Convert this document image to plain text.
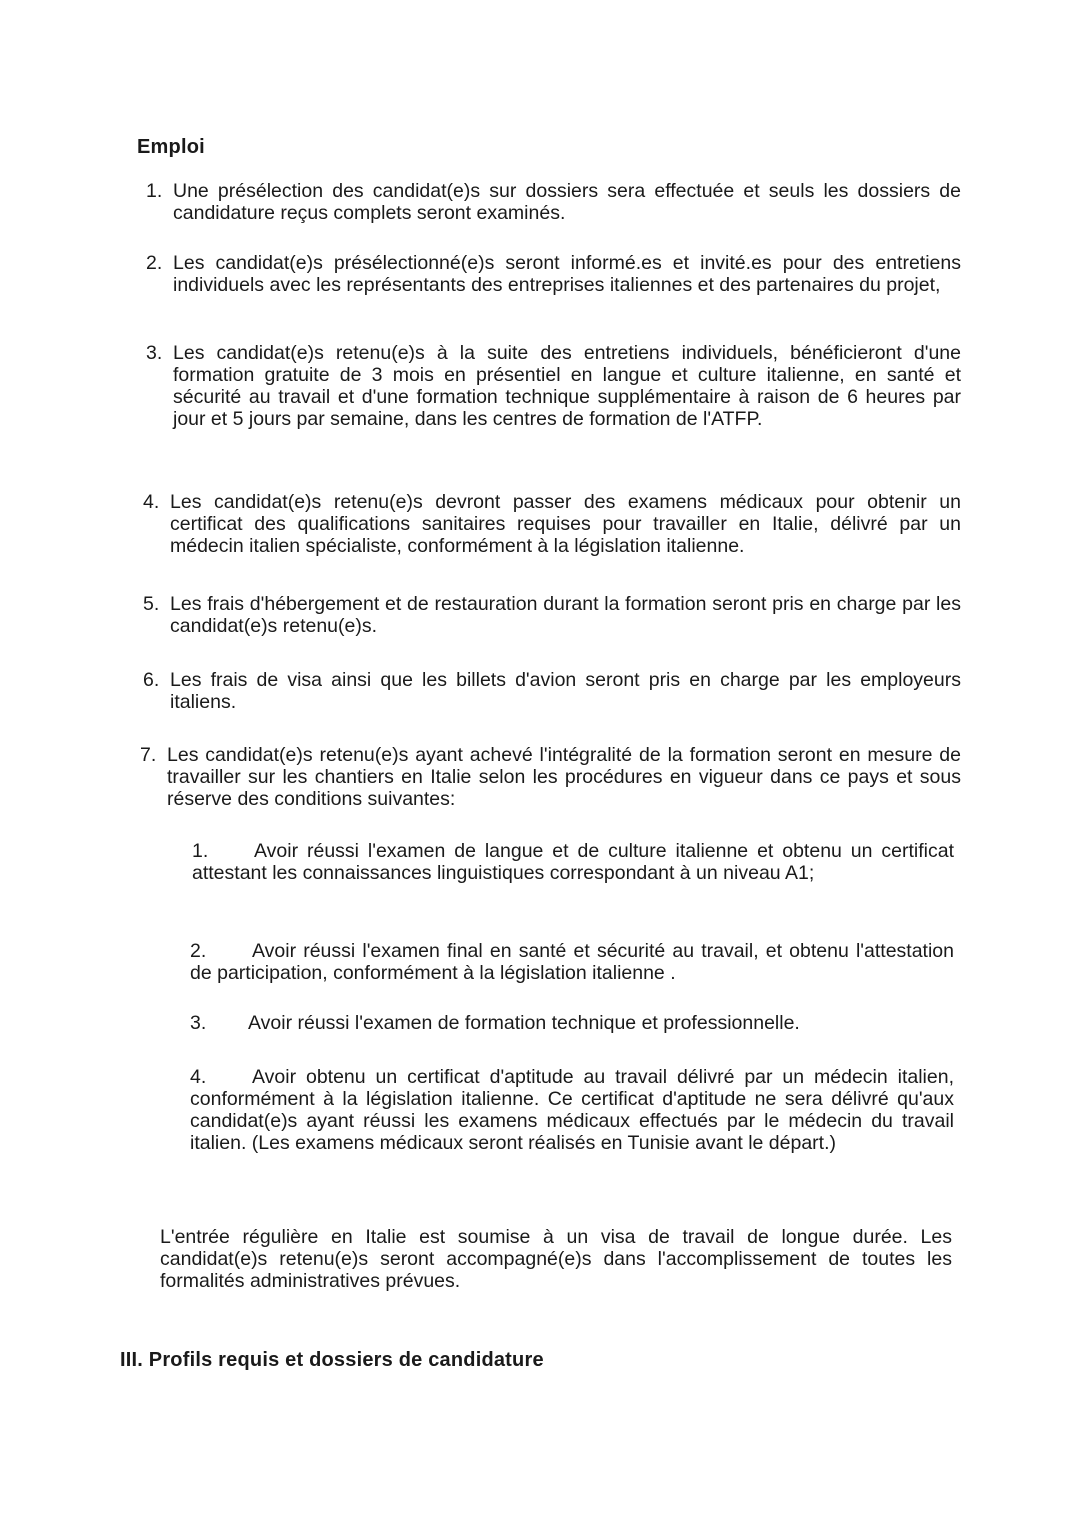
Emploi
1. Une présélection des candidat(e)s sur dossiers sera effectuée et seuls les dossiers de candidature reçus complets seront examinés.
2. Les candidat(e)s présélectionné(e)s seront informé.es et invité.es pour des entretiens individuels avec les représentants des entreprises italiennes et des partenaires du projet,
3. Les candidat(e)s retenu(e)s à la suite des entretiens individuels, bénéficieront d'une formation gratuite de 3 mois en présentiel en langue et culture italienne, en santé et sécurité au travail et d'une formation technique supplémentaire à raison de 6 heures par jour et 5 jours par semaine, dans les centres de formation de l'ATFP.
4. Les candidat(e)s retenu(e)s devront passer des examens médicaux pour obtenir un certificat des qualifications sanitaires requises pour travailler en Italie, délivré par un médecin italien spécialiste, conformément à la législation italienne.
5. Les frais d'hébergement et de restauration durant la formation seront pris en charge par les candidat(e)s retenu(e)s.
6. Les frais de visa ainsi que les billets d'avion seront pris en charge par les employeurs italiens.
7. Les candidat(e)s retenu(e)s ayant achevé l'intégralité de la formation seront en mesure de travailler sur les chantiers en Italie selon les procédures en vigueur dans ce pays et sous réserve des conditions suivantes:
1. Avoir réussi l'examen de langue et de culture italienne et obtenu un certificat attestant les connaissances linguistiques correspondant à un niveau A1;
2. Avoir réussi l'examen final en santé et sécurité au travail, et obtenu l'attestation de participation, conformément à la législation italienne .
3. Avoir réussi l'examen de formation technique et professionnelle.
4. Avoir obtenu un certificat d'aptitude au travail délivré par un médecin italien, conformément à la législation italienne. Ce certificat d'aptitude ne sera délivré qu'aux candidat(e)s ayant réussi les examens médicaux effectués par le médecin du travail italien. (Les examens médicaux seront réalisés en Tunisie avant le départ.)
L'entrée régulière en Italie est soumise à un visa de travail de longue durée. Les candidat(e)s retenu(e)s seront accompagné(e)s dans l'accomplissement de toutes les formalités administratives prévues.
III. Profils requis et dossiers de candidature
